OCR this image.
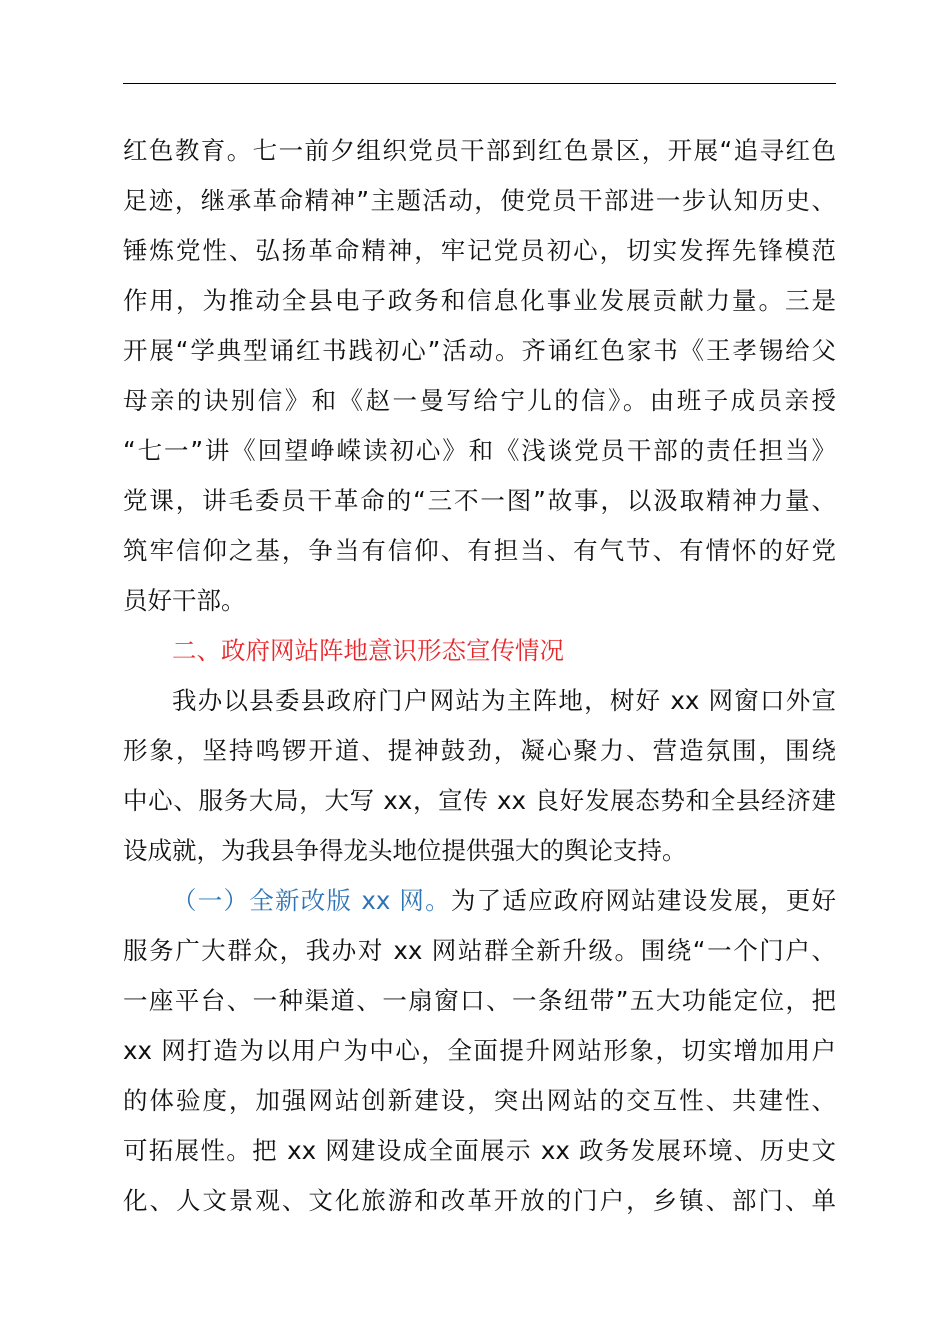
红色教育。七一前夕组织党员干部到红色景区，开展“追寻红色
足迹，继承革命精神”主题活动，使党员干部进一步认知历史、
锤炼党性、弘扬革命精神，牢记党员初心，切实发挥先锋模范
作用，为推动全县电子政务和信息化事业发展贡献力量。三是
开展“学典型诵红书践初心”活动。齐诵红色家书《王孝锡给父
母亲的诀别信》和《赵一曼写给宁儿的信》。由班子成员亲授
“七一”讲《回望峥嵘读初心》和《浅谈党员干部的责任担当》
党课，讲毛委员干革命的“三不一图”故事，以汲取精神力量、
筑牢信仰之基，争当有信仰、有担当、有气节、有情怀的好党
员好干部。
二、政府网站阵地意识形态宣传情况
我办以县委县政府门户网站为主阵地，树好 xx 网窗口外宣
形象，坚持鸣锣开道、提神鼓劲，凝心聚力、营造氛围，围绕
中心、服务大局，大写 xx，宣传 xx 良好发展态势和全县经济建
设成就，为我县争得龙头地位提供强大的舆论支持。
（一）全新改版 xx 网。为了适应政府网站建设发展，更好
服务广大群众，我办对 xx 网站群全新升级。围绕“一个门户、
一座平台、一种渠道、一扇窗口、一条纽带”五大功能定位，把
xx 网打造为以用户为中心，全面提升网站形象，切实增加用户
的体验度，加强网站创新建设，突出网站的交互性、共建性、
可拓展性。把 xx 网建设成全面展示 xx 政务发展环境、历史文
化、人文景观、文化旅游和改革开放的门户，乡镇、部门、单
